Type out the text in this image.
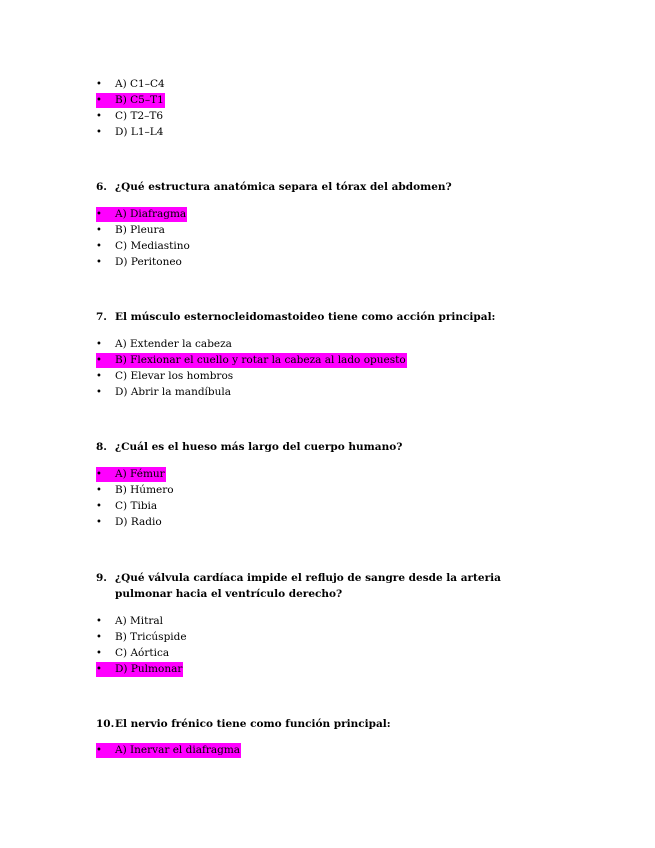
• A) C1–C4
• B) C5–T1
• C) T2–T6
• D) L1–L4
6. ¿Qué estructura anatómica separa el tórax del abdomen?
• A) Diafragma
• B) Pleura
• C) Mediastino
• D) Peritoneo
7. El músculo esternocleidomastoideo tiene como acción principal:
• A) Extender la cabeza
• B) Flexionar el cuello y rotar la cabeza al lado opuesto
• C) Elevar los hombros
• D) Abrir la mandíbula
8. ¿Cuál es el hueso más largo del cuerpo humano?
• A) Fémur
• B) Húmero
• C) Tibia
• D) Radio
9. ¿Qué válvula cardíaca impide el reflujo de sangre desde la arteria pulmonar hacia el ventrículo derecho?
• A) Mitral
• B) Tricúspide
• C) Aórtica
• D) Pulmonar
10.El nervio frénico tiene como función principal:
• A) Inervar el diafragma
